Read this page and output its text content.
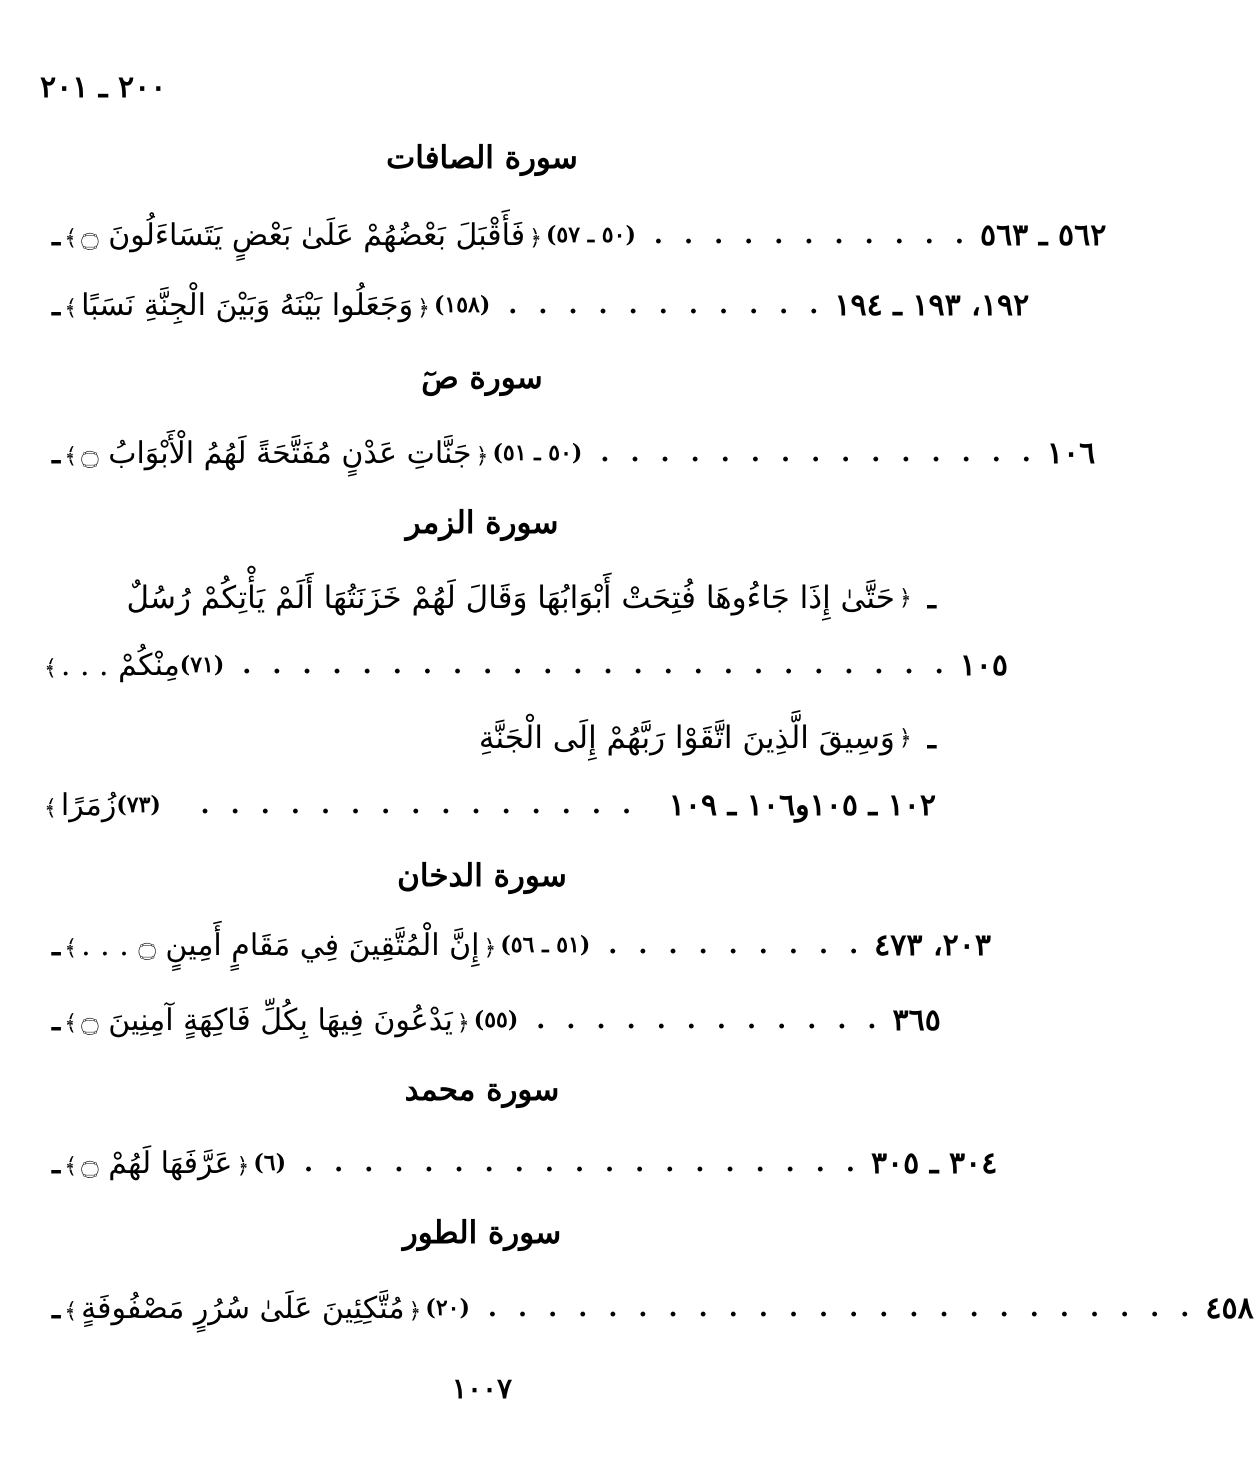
٢٠٠ ـ ٢٠١
سورة الصافات
ـ	﴿فَأَقْبَلَ بَعْضُهُمْ عَلَىٰ بَعْضٍ يَتَسَاءَلُونَ ۝﴾	(٥٠ ـ ٥٧) . . . . . . . . . . . ٥٦٢ ـ ٥٦٣
ـ	﴿وَجَعَلُوا بَيْنَهُ وَبَيْنَ الْجِنَّةِ نَسَبًا﴾	(١٥٨) . . . . . . . . . . . ١٩٢، ١٩٣ ـ ١٩٤
سورة صٓ
ـ	﴿جَنَّاتِ عَدْنٍ مُفَتَّحَةً لَهُمُ الْأَبْوَابُ ۝﴾	(٥٠ ـ ٥١) . . . . . . . . . . . . . . . ١٠٦
سورة الزمر
ـ
﴿
حَتَّىٰ إِذَا جَاءُوهَا فُتِحَتْ أَبْوَابُهَا وَقَالَ لَهُمْ خَزَنَتُهَا أَلَمْ يَأْتِكُمْ رُسُلٌ
مِنْكُمْ . . .﴾	(٧١) . . . . . . . . . . . . . . . . . . . . . . . . ١٠٥
ـ
﴿
وَسِيقَ الَّذِينَ اتَّقَوْا رَبَّهُمْ إِلَى الْجَنَّةِ
زُمَرًا﴾	(٧٣)	. . . . . . . . . . . . . . .	١٠٢ ـ ١٠٥و١٠٦ ـ ١٠٩
سورة الدخان
ـ	﴿إِنَّ الْمُتَّقِينَ فِي مَقَامٍ أَمِينٍ ۝ . . .﴾	(٥١ ـ ٥٦) . . . . . . . . . ٢٠٣، ٤٧٣
ـ	﴿يَدْعُونَ فِيهَا بِكُلِّ فَاكِهَةٍ آمِنِينَ ۝﴾	(٥٥) . . . . . . . . . . . . ٣٦٥
سورة محمد
ـ	﴿عَرَّفَهَا لَهُمْ ۝﴾	(٦) . . . . . . . . . . . . . . . . . . . ٣٠٤ ـ ٣٠٥
سورة الطور
ـ	﴿مُتَّكِئِينَ عَلَىٰ سُرُرٍ مَصْفُوفَةٍ﴾	(٢٠) . . . . . . . . . . . . . . . . . . . . . . . . ٤٥٨
١٠٠٧
